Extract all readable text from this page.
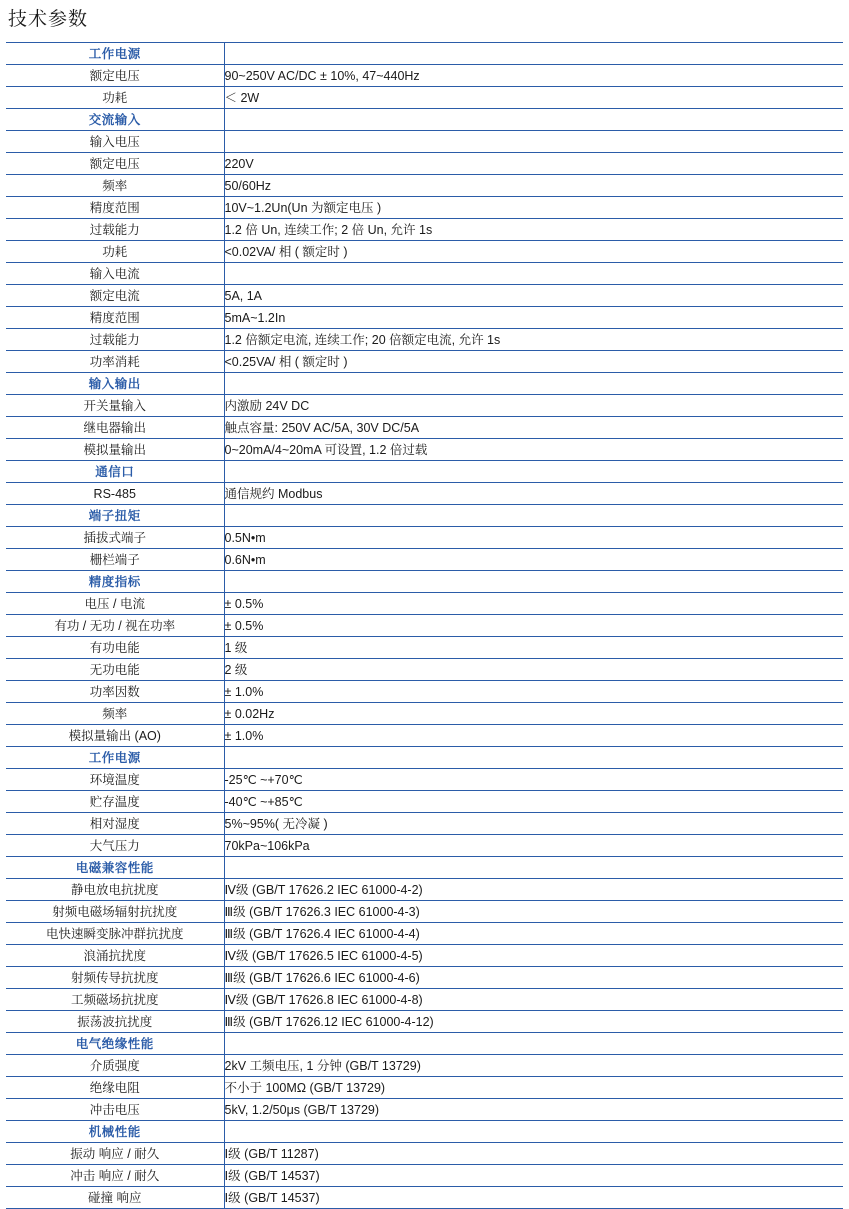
技术参数
工作电源	
额定电压	90~250V AC/DC ± 10%, 47~440Hz
功耗	＜ 2W
交流输入	
输入电压	
额定电压	220V
频率	50/60Hz
精度范围	10V~1.2Un(Un 为额定电压 )
过载能力	1.2 倍 Un, 连续工作; 2 倍 Un, 允许 1s
功耗	<0.02VA/ 相 ( 额定时 )
输入电流	
额定电流	5A, 1A
精度范围	5mA~1.2In
过载能力	1.2 倍额定电流, 连续工作; 20 倍额定电流, 允许 1s
功率消耗	<0.25VA/ 相 ( 额定时 )
输入输出	
开关量输入	内激励 24V DC
继电器输出	触点容量: 250V AC/5A, 30V DC/5A
模拟量输出	0~20mA/4~20mA 可设置, 1.2 倍过载
通信口	
RS-485	通信规约 Modbus
端子扭矩	
插拔式端子	0.5N•m
栅栏端子	0.6N•m
精度指标	
电压 / 电流	± 0.5%
有功 / 无功 / 视在功率	± 0.5%
有功电能	1 级
无功电能	2 级
功率因数	± 1.0%
频率	± 0.02Hz
模拟量输出 (AO)	± 1.0%
工作电源	
环境温度	-25℃ ~+70℃
贮存温度	-40℃ ~+85℃
相对湿度	5%~95%( 无冷凝 )
大气压力	70kPa~106kPa
电磁兼容性能	
静电放电抗扰度	Ⅳ级 (GB/T 17626.2 IEC 61000-4-2)
射频电磁场辐射抗扰度	Ⅲ级 (GB/T 17626.3 IEC 61000-4-3)
电快速瞬变脉冲群抗扰度	Ⅲ级 (GB/T 17626.4 IEC 61000-4-4)
浪涌抗扰度	Ⅳ级 (GB/T 17626.5 IEC 61000-4-5)
射频传导抗扰度	Ⅲ级 (GB/T 17626.6 IEC 61000-4-6)
工频磁场抗扰度	Ⅳ级 (GB/T 17626.8 IEC 61000-4-8)
振荡波抗扰度	Ⅲ级 (GB/T 17626.12 IEC 61000-4-12)
电气绝缘性能	
介质强度	2kV 工频电压, 1 分钟 (GB/T 13729)
绝缘电阻	不小于 100MΩ (GB/T 13729)
冲击电压	5kV, 1.2/50μs (GB/T 13729)
机械性能	
振动 响应 / 耐久	Ⅰ级 (GB/T 11287)
冲击 响应 / 耐久	Ⅰ级 (GB/T 14537)
碰撞 响应	Ⅰ级 (GB/T 14537)
